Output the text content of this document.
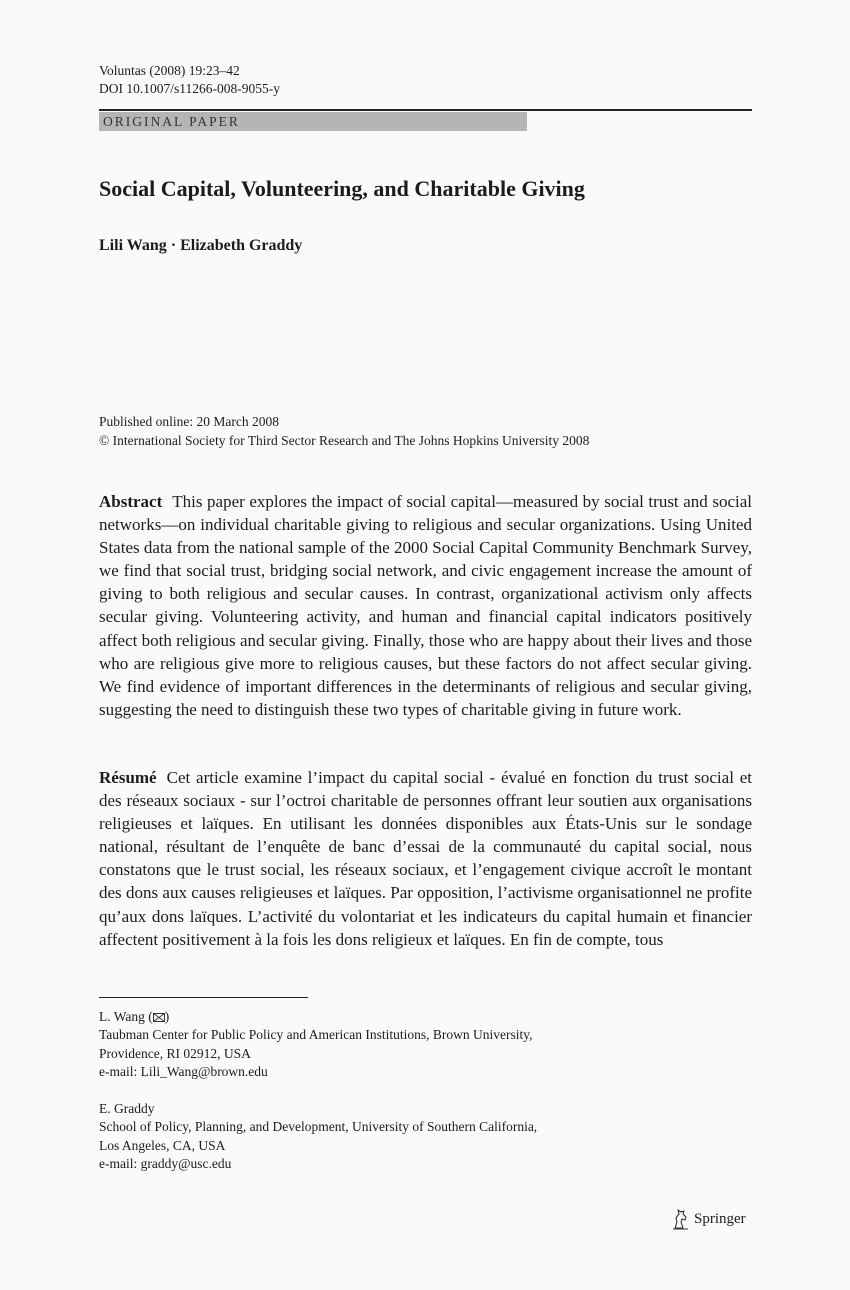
Voluntas (2008) 19:23–42
DOI 10.1007/s11266-008-9055-y
ORIGINAL PAPER
Social Capital, Volunteering, and Charitable Giving
Lili Wang · Elizabeth Graddy
Published online: 20 March 2008
© International Society for Third Sector Research and The Johns Hopkins University 2008
Abstract This paper explores the impact of social capital—measured by social trust and social networks—on individual charitable giving to religious and secular organizations. Using United States data from the national sample of the 2000 Social Capital Community Benchmark Survey, we find that social trust, bridging social network, and civic engagement increase the amount of giving to both religious and secular causes. In contrast, organizational activism only affects secular giving. Volunteering activity, and human and financial capital indicators positively affect both religious and secular giving. Finally, those who are happy about their lives and those who are religious give more to religious causes, but these factors do not affect secular giving. We find evidence of important differences in the determinants of religious and secular giving, suggesting the need to distinguish these two types of charitable giving in future work.
Résumé Cet article examine l’impact du capital social - évalué en fonction du trust social et des réseaux sociaux - sur l’octroi charitable de personnes offrant leur soutien aux organisations religieuses et laïques. En utilisant les données disponibles aux États-Unis sur le sondage national, résultant de l’enquête de banc d’essai de la communauté du capital social, nous constatons que le trust social, les réseaux sociaux, et l’engagement civique accroît le montant des dons aux causes religieuses et laïques. Par opposition, l’activisme organisationnel ne profite qu’aux dons laïques. L’activité du volontariat et les indicateurs du capital humain et financier affectent positivement à la fois les dons religieux et laïques. En fin de compte, tous
L. Wang ( )
Taubman Center for Public Policy and American Institutions, Brown University,
Providence, RI 02912, USA
e-mail: Lili_Wang@brown.edu
E. Graddy
School of Policy, Planning, and Development, University of Southern California,
Los Angeles, CA, USA
e-mail: graddy@usc.edu
Springer
